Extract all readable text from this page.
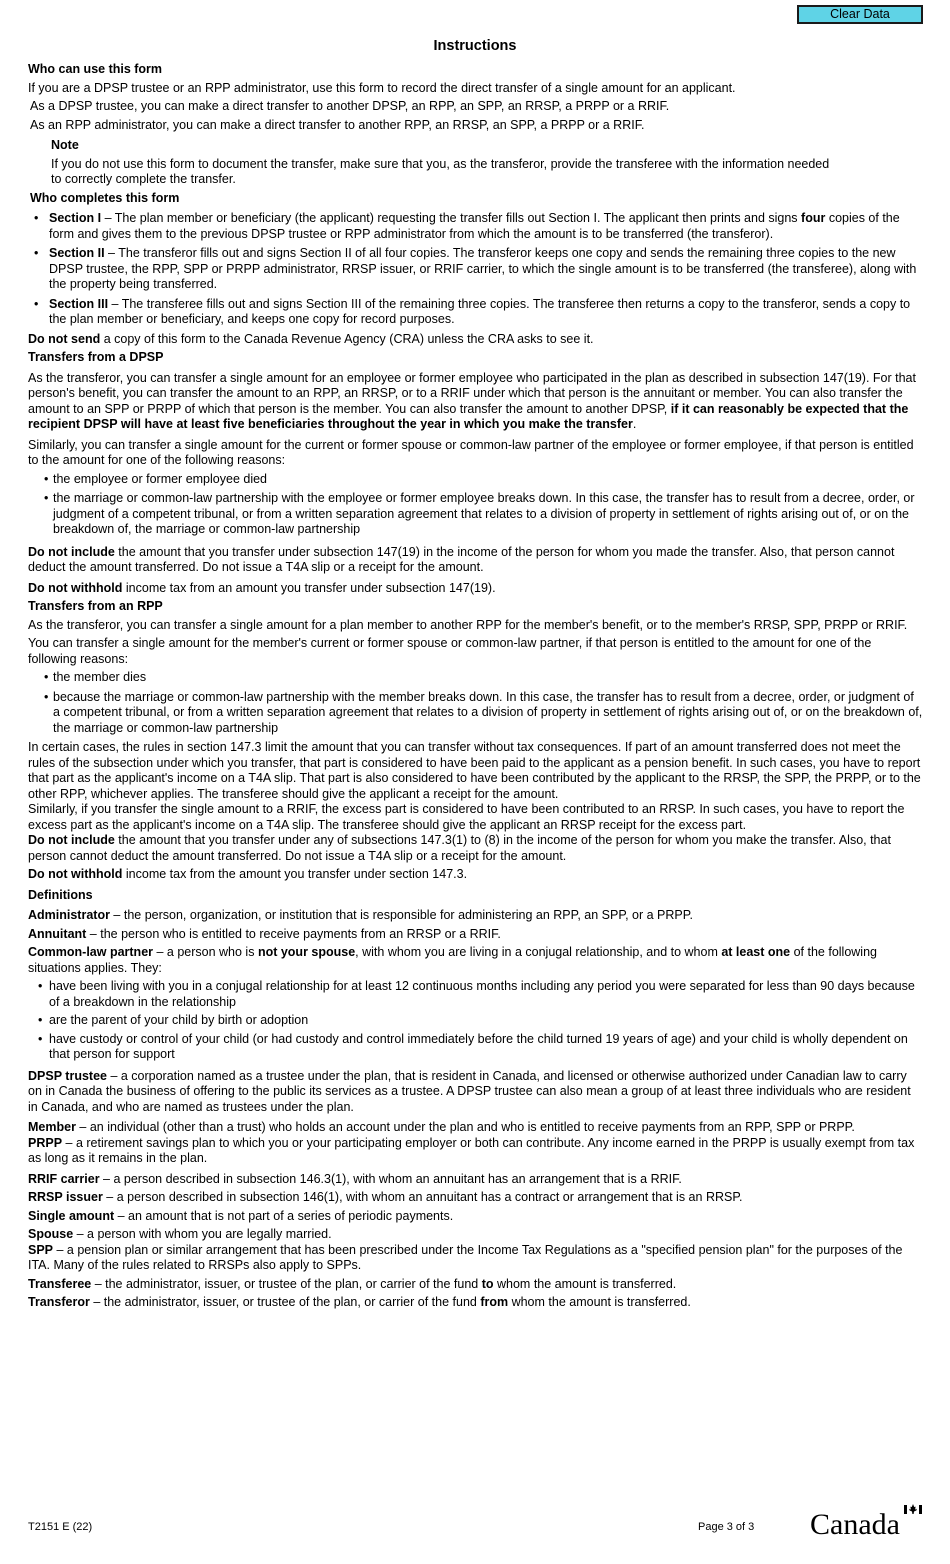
Clear Data
Instructions

Who can use this form

If you are a DPSP trustee or an RPP administrator, use this form to record the direct transfer of a single amount for an applicant.

As a DPSP trustee, you can make a direct transfer to another DPSP, an RPP, an SPP, an RRSP, a PRPP or a RRIF.

As an RPP administrator, you can make a direct transfer to another RPP, an RRSP, an SPP, a PRPP or a RRIF.

Note

If you do not use this form to document the transfer, make sure that you, as the transferor, provide the transferee with the information needed

to correctly complete the transfer.

Who completes this form

• Section I – The plan member or beneficiary (the applicant) requesting the transfer fills out Section I. The applicant then prints and signs four copies of the form and gives them to the previous DPSP trustee or RPP administrator from which the amount is to be transferred (the transferor).
• Section II – The transferor fills out and signs Section II of all four copies. The transferor keeps one copy and sends the remaining three copies to the new DPSP trustee, the RPP, SPP or PRPP administrator, RRSP issuer, or RRIF carrier, to which the single amount is to be transferred (the transferee), along with the property being transferred.
• Section III – The transferee fills out and signs Section III of the remaining three copies. The transferee then returns a copy to the transferor, sends a copy to the plan member or beneficiary, and keeps one copy for record purposes.

Do not send a copy of this form to the Canada Revenue Agency (CRA) unless the CRA asks to see it.

Transfers from a DPSP

As the transferor, you can transfer a single amount for an employee or former employee who participated in the plan as described in subsection 147(19). For that person's benefit, you can transfer the amount to an RPP, an RRSP, or to a RRIF under which that person is the annuitant or member. You can also transfer the amount to an SPP or PRPP of which that person is the member. You can also transfer the amount to another DPSP, if it can reasonably be expected that the recipient DPSP will have at least five beneficiaries throughout the year in which you make the transfer.

Similarly, you can transfer a single amount for the current or former spouse or common-law partner of the employee or former employee, if that person is entitled to the amount for one of the following reasons:

• the employee or former employee died
• the marriage or common-law partnership with the employee or former employee breaks down. In this case, the transfer has to result from a decree, order, or judgment of a competent tribunal, or from a written separation agreement that relates to a division of property in settlement of rights arising out of, or on the breakdown of, the marriage or common-law partnership

Do not include the amount that you transfer under subsection 147(19) in the income of the person for whom you made the transfer. Also, that person cannot deduct the amount transferred. Do not issue a T4A slip or a receipt for the amount.

Do not withhold income tax from an amount you transfer under subsection 147(19).

Transfers from an RPP

As the transferor, you can transfer a single amount for a plan member to another RPP for the member's benefit, or to the member's RRSP, SPP, PRPP or RRIF.

You can transfer a single amount for the member's current or former spouse or common-law partner, if that person is entitled to the amount for one of the following reasons:

• the member dies
• because the marriage or common-law partnership with the member breaks down. In this case, the transfer has to result from a decree, order, or judgment of a competent tribunal, or from a written separation agreement that relates to a division of property in settlement of rights arising out of, or on the breakdown of, the marriage or common-law partnership

In certain cases, the rules in section 147.3 limit the amount that you can transfer without tax consequences. If part of an amount transferred does not meet the rules of the subsection under which you transfer, that part is considered to have been paid to the applicant as a pension benefit. In such cases, you have to report that part as the applicant's income on a T4A slip. That part is also considered to have been contributed by the applicant to the RRSP, the SPP, the PRPP, or to the other RPP, whichever applies. The transferee should give the applicant a receipt for the amount.

Similarly, if you transfer the single amount to a RRIF, the excess part is considered to have been contributed to an RRSP. In such cases, you have to report the excess part as the applicant's income on a T4A slip. The transferee should give the applicant an RRSP receipt for the excess part.

Do not include the amount that you transfer under any of subsections 147.3(1) to (8) in the income of the person for whom you make the transfer. Also, that person cannot deduct the amount transferred. Do not issue a T4A slip or a receipt for the amount.

Do not withhold income tax from the amount you transfer under section 147.3.

Definitions

Administrator – the person, organization, or institution that is responsible for administering an RPP, an SPP, or a PRPP.

Annuitant – the person who is entitled to receive payments from an RRSP or a RRIF.

Common-law partner – a person who is not your spouse, with whom you are living in a conjugal relationship, and to whom at least one of the following situations applies. They:

• have been living with you in a conjugal relationship for at least 12 continuous months including any period you were separated for less than 90 days because of a breakdown in the relationship
• are the parent of your child by birth or adoption
• have custody or control of your child (or had custody and control immediately before the child turned 19 years of age) and your child is wholly dependent on that person for support

DPSP trustee – a corporation named as a trustee under the plan, that is resident in Canada, and licensed or otherwise authorized under Canadian law to carry on in Canada the business of offering to the public its services as a trustee. A DPSP trustee can also mean a group of at least three individuals who are resident in Canada, and who are named as trustees under the plan.

Member – an individual (other than a trust) who holds an account under the plan and who is entitled to receive payments from an RPP, SPP or PRPP.

PRPP – a retirement savings plan to which you or your participating employer or both can contribute. Any income earned in the PRPP is usually exempt from tax as long as it remains in the plan.

RRIF carrier – a person described in subsection 146.3(1), with whom an annuitant has an arrangement that is a RRIF.

RRSP issuer – a person described in subsection 146(1), with whom an annuitant has a contract or arrangement that is an RRSP.

Single amount – an amount that is not part of a series of periodic payments.

Spouse – a person with whom you are legally married.

SPP – a pension plan or similar arrangement that has been prescribed under the Income Tax Regulations as a "specified pension plan" for the purposes of the ITA. Many of the rules related to RRSPs also apply to SPPs.

Transferee – the administrator, issuer, or trustee of the plan, or carrier of the fund to whom the amount is transferred.

Transferor – the administrator, issuer, or trustee of the plan, or carrier of the fund from whom the amount is transferred.

T2151 E (22)	Page 3 of 3 Canada
